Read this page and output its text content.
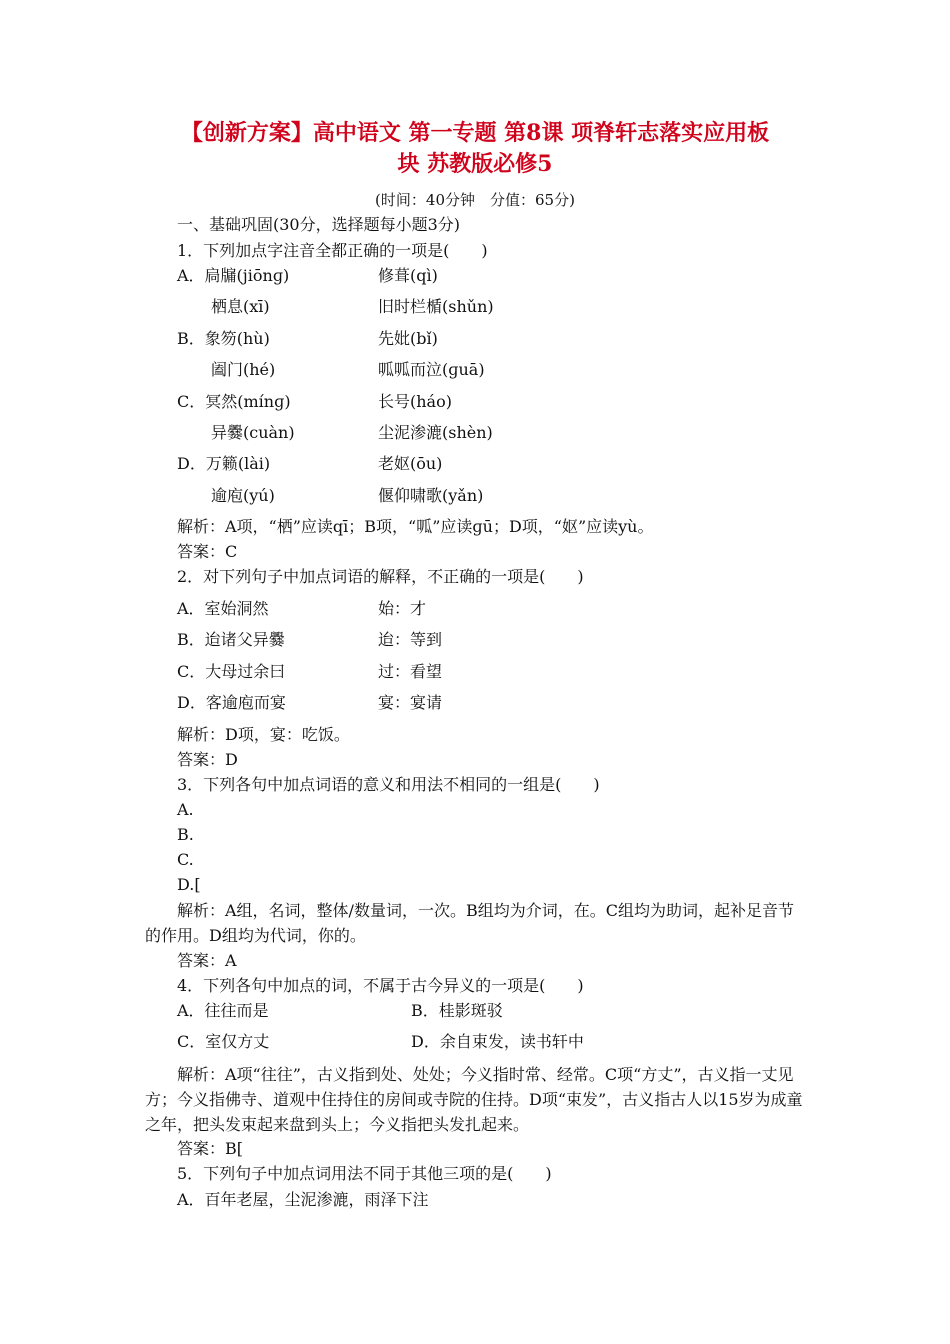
【创新方案】高中语文 第一专题 第8课 项脊轩志落实应用板
块 苏教版必修5
(时间：40分钟　分值：65分)
一、基础巩固(30分，选择题每小题3分)
1．下列加点字注音全都正确的一项是(　　)
A．扃牖(jiōnɡ)	修葺(qì)
栖息(xī)	旧时栏楯(shǔn)
B．象笏(hù)	先妣(bǐ)
阖门(hé)	呱呱而泣(ɡuā)
C．冥然(mínɡ)	长号(háo)
异爨(cuàn)	尘泥渗漉(shèn)
D．万籁(lài)	老妪(ōu)
逾庖(yú)	偃仰啸歌(yǎn)
解析：A项，“栖”应读qī；B项，“呱”应读ɡū；D项，“妪”应读yù。
答案：C
2．对下列句子中加点词语的解释，不正确的一项是(　　)
A．室始洞然	始：才
B．迨诸父异爨	迨：等到
C．大母过余曰	过：看望
D．客逾庖而宴	宴：宴请
解析：D项，宴：吃饭。
答案：D
3．下列各句中加点词语的意义和用法不相同的一组是(　　)
A.
B.
C.
D.[
解析：A组，名词，整体/数量词，一次。B组均为介词，在。C组均为助词，起补足音节的作用。D组均为代词，你的。
答案：A
4．下列各句中加点的词，不属于古今异义的一项是(　　)
A．往往而是	B．桂影斑驳
C．室仅方丈	D．余自束发，读书轩中
解析：A项“往往”，古义指到处、处处；今义指时常、经常。C项“方丈”，古义指一丈见方；今义指佛寺、道观中住持住的房间或寺院的住持。D项“束发”，古义指古人以15岁为成童之年，把头发束起来盘到头上；今义指把头发扎起来。
答案：B[
5．下列句子中加点词用法不同于其他三项的是(　　)
A．百年老屋，尘泥渗漉，雨泽下注
